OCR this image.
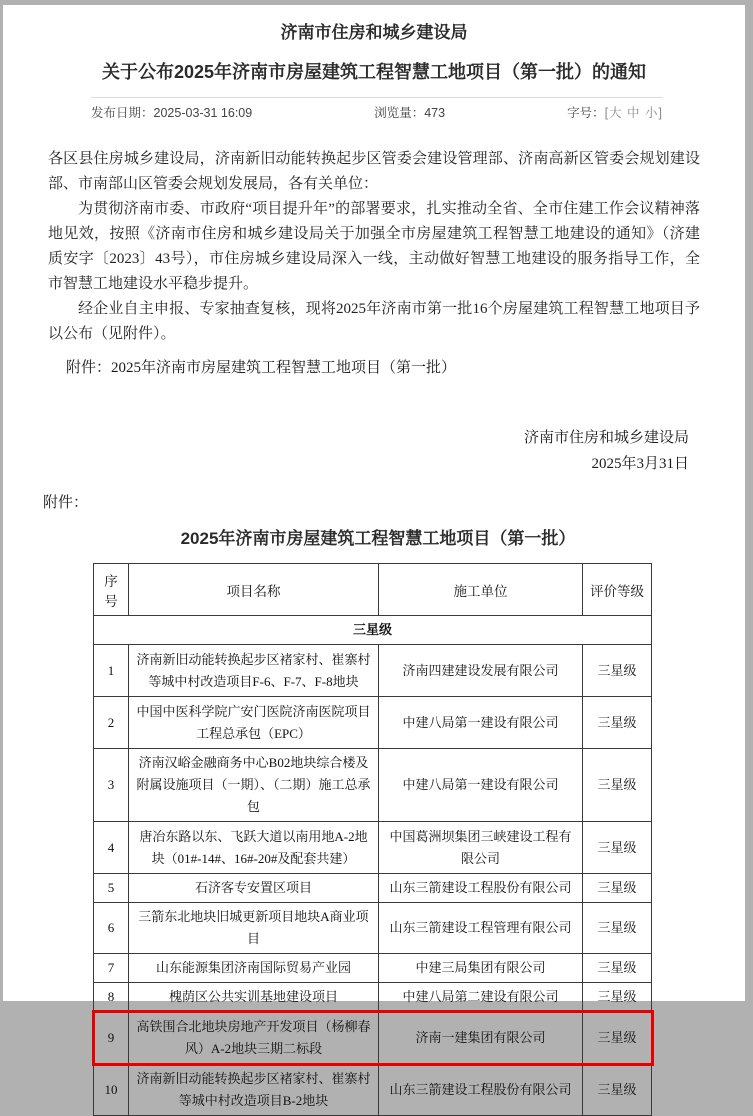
济南市住房和城乡建设局
关于公布2025年济南市房屋建筑工程智慧工地项目（第一批）的通知
发布日期：2025-03-31 16:09	浏览量：473	字号：[大 中 小]

各区县住房城乡建设局，济南新旧动能转换起步区管委会建设管理部、济南高新区管委会规划建设部、市南部山区管委会规划发展局，各有关单位：

为贯彻济南市委、市政府“项目提升年”的部署要求，扎实推动全省、全市住建工作会议精神落地见效，按照《济南市住房和城乡建设局关于加强全市房屋建筑工程智慧工地建设的通知》（济建质安字〔2023〕43号），市住房城乡建设局深入一线，主动做好智慧工地建设的服务指导工作，全市智慧工地建设水平稳步提升。

经企业自主申报、专家抽查复核，现将2025年济南市第一批16个房屋建筑工程智慧工地项目予以公布（见附件）。

附件：2025年济南市房屋建筑工程智慧工地项目（第一批）
济南市住房和城乡建设局
2025年3月31日
附件：
2025年济南市房屋建筑工程智慧工地项目（第一批）
序号	项目名称	施工单位	评价等级
三星级			
1	济南新旧动能转换起步区褚家村、崔寨村等城中村改造项目F-6、F-7、F-8地块	济南四建建设发展有限公司	三星级
2	中国中医科学院广安门医院济南医院项目工程总承包（EPC）	中建八局第一建设有限公司	三星级
3	济南汉峪金融商务中心B02地块综合楼及附属设施项目（一期）、（二期）施工总承包	中建八局第一建设有限公司	三星级
4	唐冶东路以东、飞跃大道以南用地A-2地块（01#-14#、16#-20#及配套共建）	中国葛洲坝集团三峡建设工程有限公司	三星级
5	石济客专安置区项目	山东三箭建设工程股份有限公司	三星级
6	三箭东北地块旧城更新项目地块A商业项目	山东三箭建设工程管理有限公司	三星级
7	山东能源集团济南国际贸易产业园	中建三局集团有限公司	三星级
8	槐荫区公共实训基地建设项目	中建八局第二建设有限公司	三星级
9	高铁围合北地块房地产开发项目（杨柳春风）A-2地块三期二标段	济南一建集团有限公司	三星级
10	济南新旧动能转换起步区褚家村、崔寨村等城中村改造项目B-2地块	山东三箭建设工程股份有限公司	三星级
